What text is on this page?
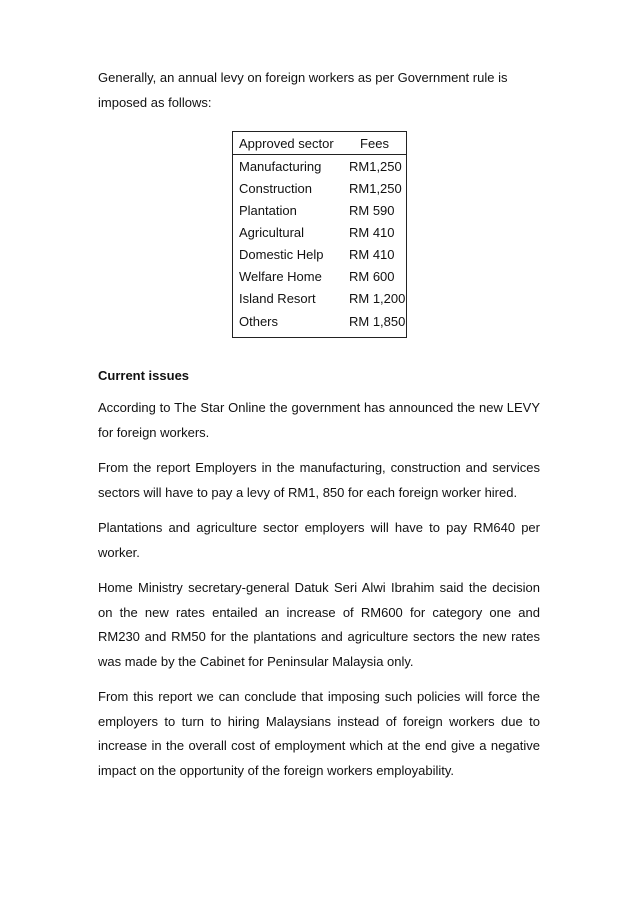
Generally, an annual levy on foreign workers as per Government rule is

imposed as follows:

Approved sector	Fees
Manufacturing	RM1,250
Construction	RM1,250
Plantation	RM 590
Agricultural	RM 410
Domestic Help	RM 410
Welfare Home	RM 600
Island Resort	RM 1,200
Others	RM 1,850

Current issues

According to The Star Online the government has announced the new LEVY for foreign workers.

From the report Employers in the manufacturing, construction and services sectors will have to pay a levy of RM1, 850 for each foreign worker hired.

Plantations and agriculture sector employers will have to pay RM640 per worker.

Home Ministry secretary-general Datuk Seri Alwi Ibrahim said the decision on the new rates entailed an increase of RM600 for category one and RM230 and RM50 for the plantations and agriculture sectors the new rates was made by the Cabinet for Peninsular Malaysia only.

From this report we can conclude that imposing such policies will force the employers to turn to hiring Malaysians instead of foreign workers due to increase in the overall cost of employment which at the end give a negative impact on the opportunity of the foreign workers employability.
